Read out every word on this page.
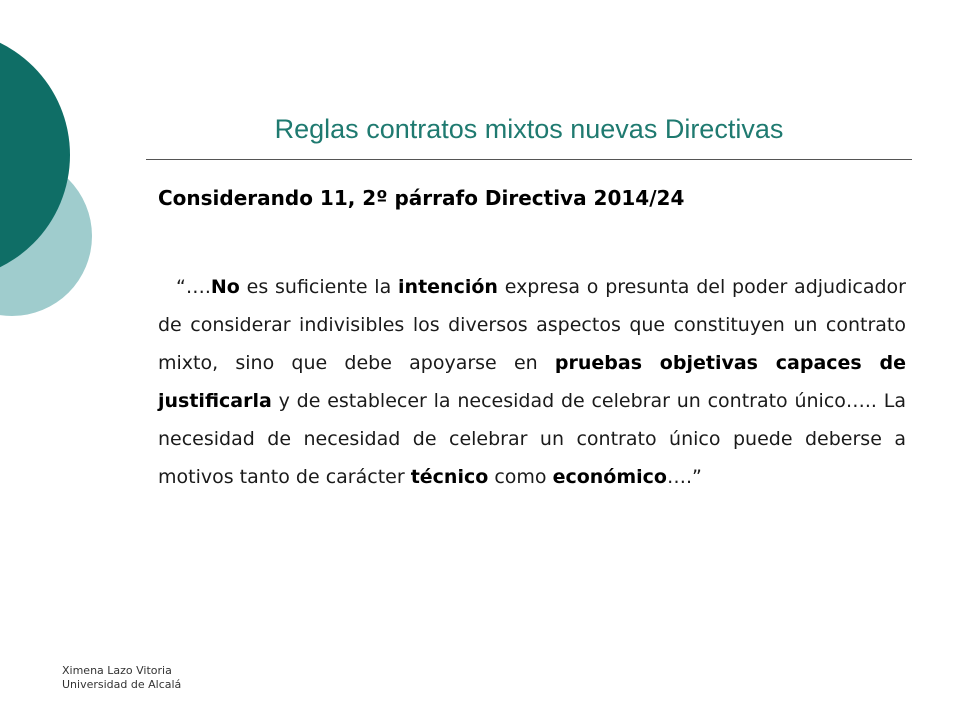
Reglas contratos mixtos nuevas Directivas
Considerando 11, 2º párrafo Directiva 2014/24
“….No es suficiente la intención expresa o presunta del poder adjudicador de considerar indivisibles los diversos aspectos que constituyen un contrato mixto, sino que debe apoyarse en pruebas objetivas capaces de justificarla y de establecer la necesidad de celebrar un contrato único….. La necesidad de necesidad de celebrar un contrato único puede deberse a motivos tanto de carácter técnico como económico….”
Ximena Lazo Vitoria
Universidad de Alcalá
